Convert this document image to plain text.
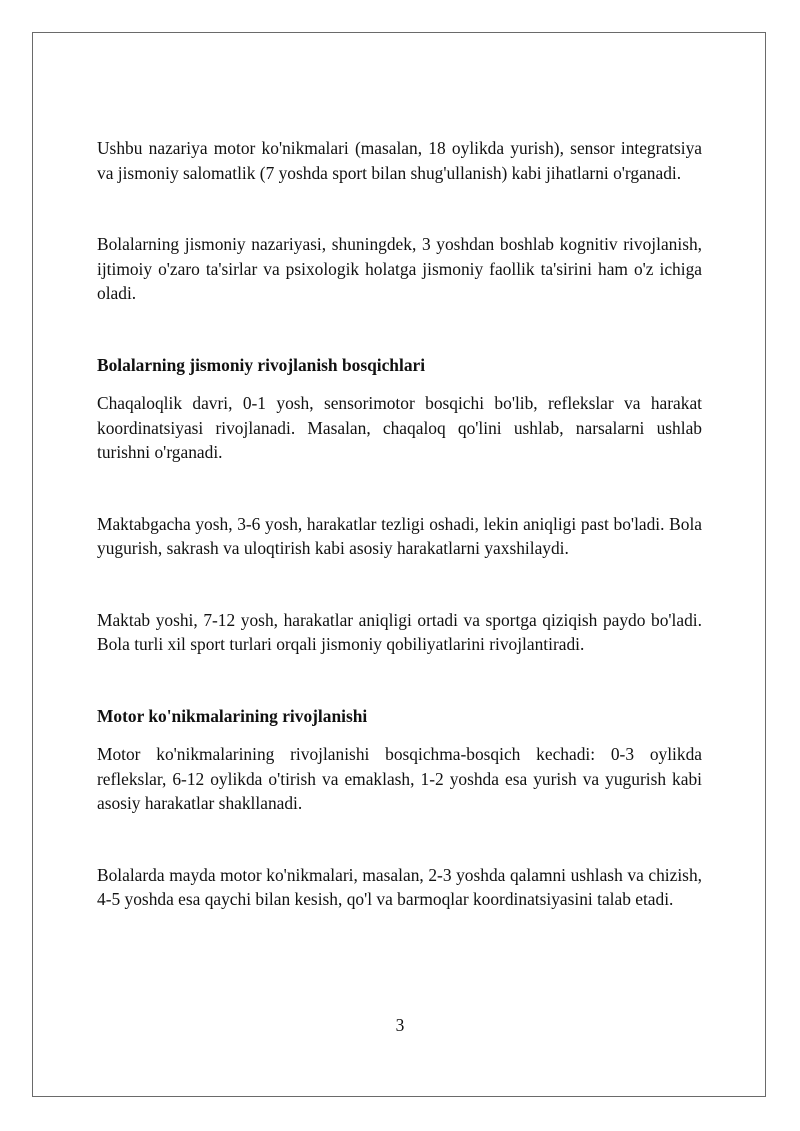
Ushbu nazariya motor ko'nikmalari (masalan, 18 oylikda yurish), sensor integratsiya va jismoniy salomatlik (7 yoshda sport bilan shug'ullanish) kabi jihatlarni o'rganadi.

Bolalarning jismoniy nazariyasi, shuningdek, 3 yoshdan boshlab kognitiv rivojlanish, ijtimoiy o'zaro ta'sirlar va psixologik holatga jismoniy faollik ta'sirini ham o'z ichiga oladi.

Bolalarning jismoniy rivojlanish bosqichlari

Chaqaloqlik davri, 0-1 yosh, sensorimotor bosqichi bo'lib, reflekslar va harakat koordinatsiyasi rivojlanadi. Masalan, chaqaloq qo'lini ushlab, narsalarni ushlab turishni o'rganadi.

Maktabgacha yosh, 3-6 yosh, harakatlar tezligi oshadi, lekin aniqligi past bo'ladi. Bola yugurish, sakrash va uloqtirish kabi asosiy harakatlarni yaxshilaydi.

Maktab yoshi, 7-12 yosh, harakatlar aniqligi ortadi va sportga qiziqish paydo bo'ladi. Bola turli xil sport turlari orqali jismoniy qobiliyatlarini rivojlantiradi.

Motor ko'nikmalarining rivojlanishi

Motor ko'nikmalarining rivojlanishi bosqichma-bosqich kechadi: 0-3 oylikda reflekslar, 6-12 oylikda o'tirish va emaklash, 1-2 yoshda esa yurish va yugurish kabi asosiy harakatlar shakllanadi.

Bolalarda mayda motor ko'nikmalari, masalan, 2-3 yoshda qalamni ushlash va chizish, 4-5 yoshda esa qaychi bilan kesish, qo'l va barmoqlar koordinatsiyasini talab etadi.

3
